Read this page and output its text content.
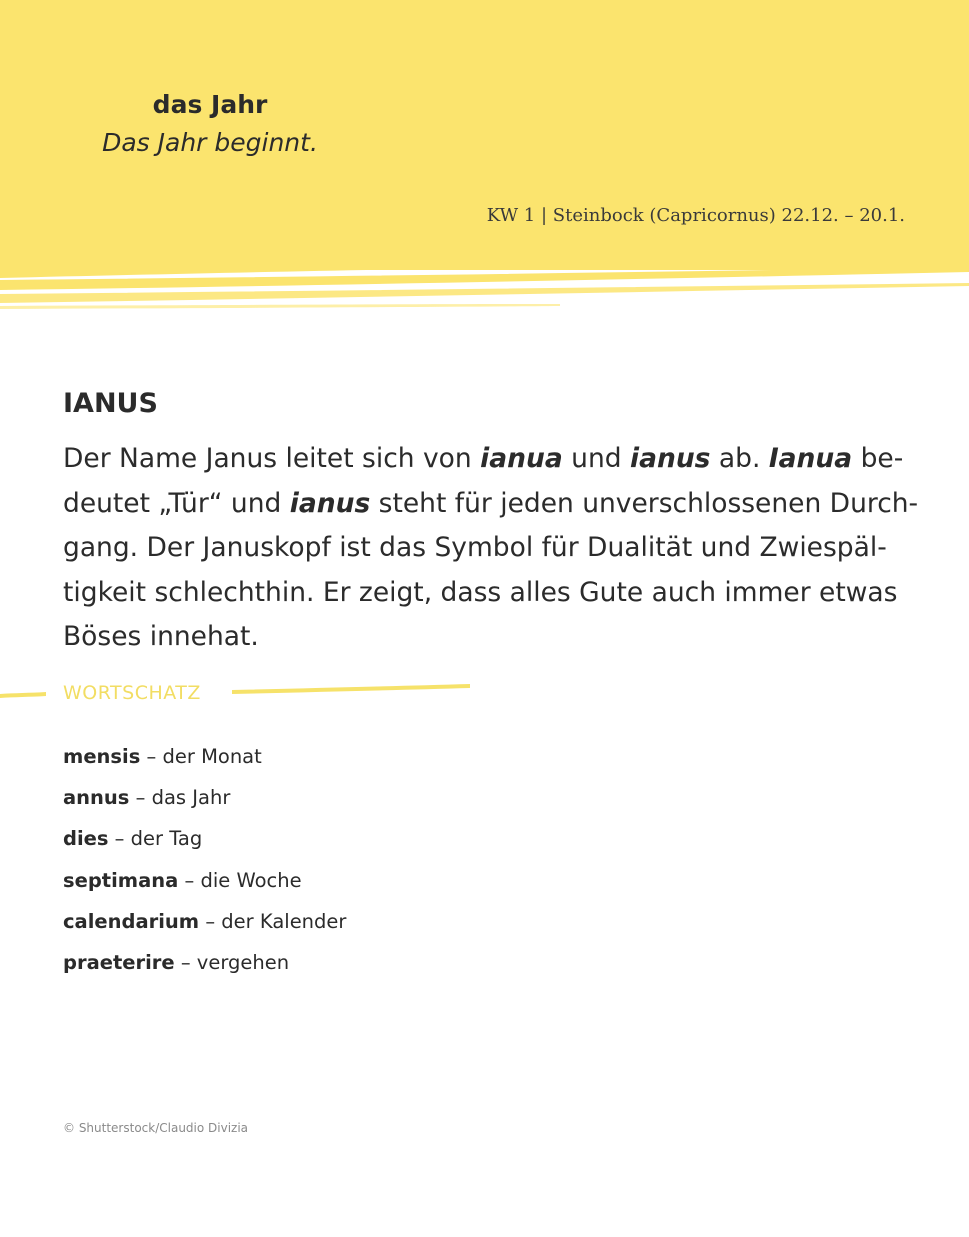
das Jahr
Das Jahr beginnt.
KW 1 | Steinbock (Capricornus) 22.12. – 20.1.
IANUS
Der Name Janus leitet sich von ianua und ianus ab. Ianua be-
deutet „Tür“ und ianus steht für jeden unverschlossenen Durch-
gang. Der Januskopf ist das Symbol für Dualität und Zwiespäl-
tigkeit schlechthin. Er zeigt, dass alles Gute auch immer etwas
Böses innehat.
WORTSCHATZ
mensis – der Monat
annus – das Jahr
dies – der Tag
septimana – die Woche
calendarium – der Kalender
praeterire – vergehen
© Shutterstock/Claudio Divizia
